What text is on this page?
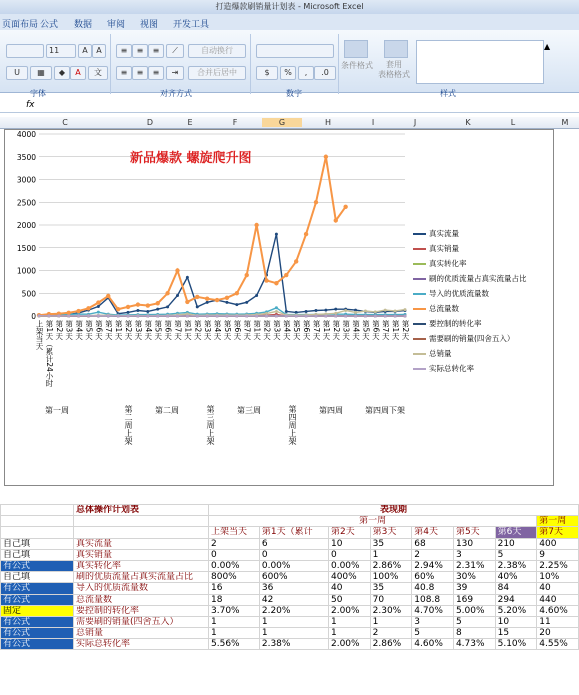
打造爆款刷销量计划表 - Microsoft Excel
页面布局 公式 数据 审阅 视图 开发工具
11	A	A
U	▦	◆	A	文
≡	≡	≡	⟋	自动换行
≡	≡	≡	⇥	合并后居中	$	%	,	.0
条件格式	套用
表格格式
▲
字体	对齐方式	数字	样式
fx
C	D	E	F	G	H	I	J	K	L	M
0
500
1000
1500
2000
2500
3000
3500
4000
新品爆款 螺旋爬升图
真实流量
真实销量
真实转化率
刷的优质流量占真实流量占比
导入的优质流量数
总流量数
要控制的转化率
需要刷的销量(四舍五入）
总销量
实际总转化率
上架当天 第1天（累计24小时 第2天 第3天 第4天 第5天 第6天 第7天 第1天 第2天 第3天 第4天 第5天 第6天 第7天 第1天 第2天 第3天 第4天 第5天 第6天 第7天 第1天 第2天 第3天 第4天 第5天 第6天 第7天 第1天 第2天 第3天 第4天 第5天 第6天 第7天 第1天 第2天
第一周	第二周上架	第二周	第三周上架	第三周	第四周上架	第四周	第四周下架
	总体操作计划表	表现期							
		第一周							第一周
		上架当天	第1天（累计	第2天	第3天	第4天	第5天	第6天	第7天
自己填	真实流量	2	6	10	35	68	130	210	400
自己填	真实销量	0	0	0	1	2	3	5	9
有公式	真实转化率	0.00%	0.00%	0.00%	2.86%	2.94%	2.31%	2.38%	2.25%
自己填	刷的优质流量占真实流量占比	800%	600%	400%	100%	60%	30%	40%	10%
有公式	导入的优质流量数	16	36	40	35	40.8	39	84	40
有公式	总流量数	18	42	50	70	108.8	169	294	440
固定	要控制的转化率	3.70%	2.20%	2.00%	2.30%	4.70%	5.00%	5.20%	4.60%
有公式	需要刷的销量(四舍五入）	1	1	1	1	3	5	10	11
有公式	总销量	1	1	1	2	5	8	15	20
有公式	实际总转化率	5.56%	2.38%	2.00%	2.86%	4.60%	4.73%	5.10%	4.55%
